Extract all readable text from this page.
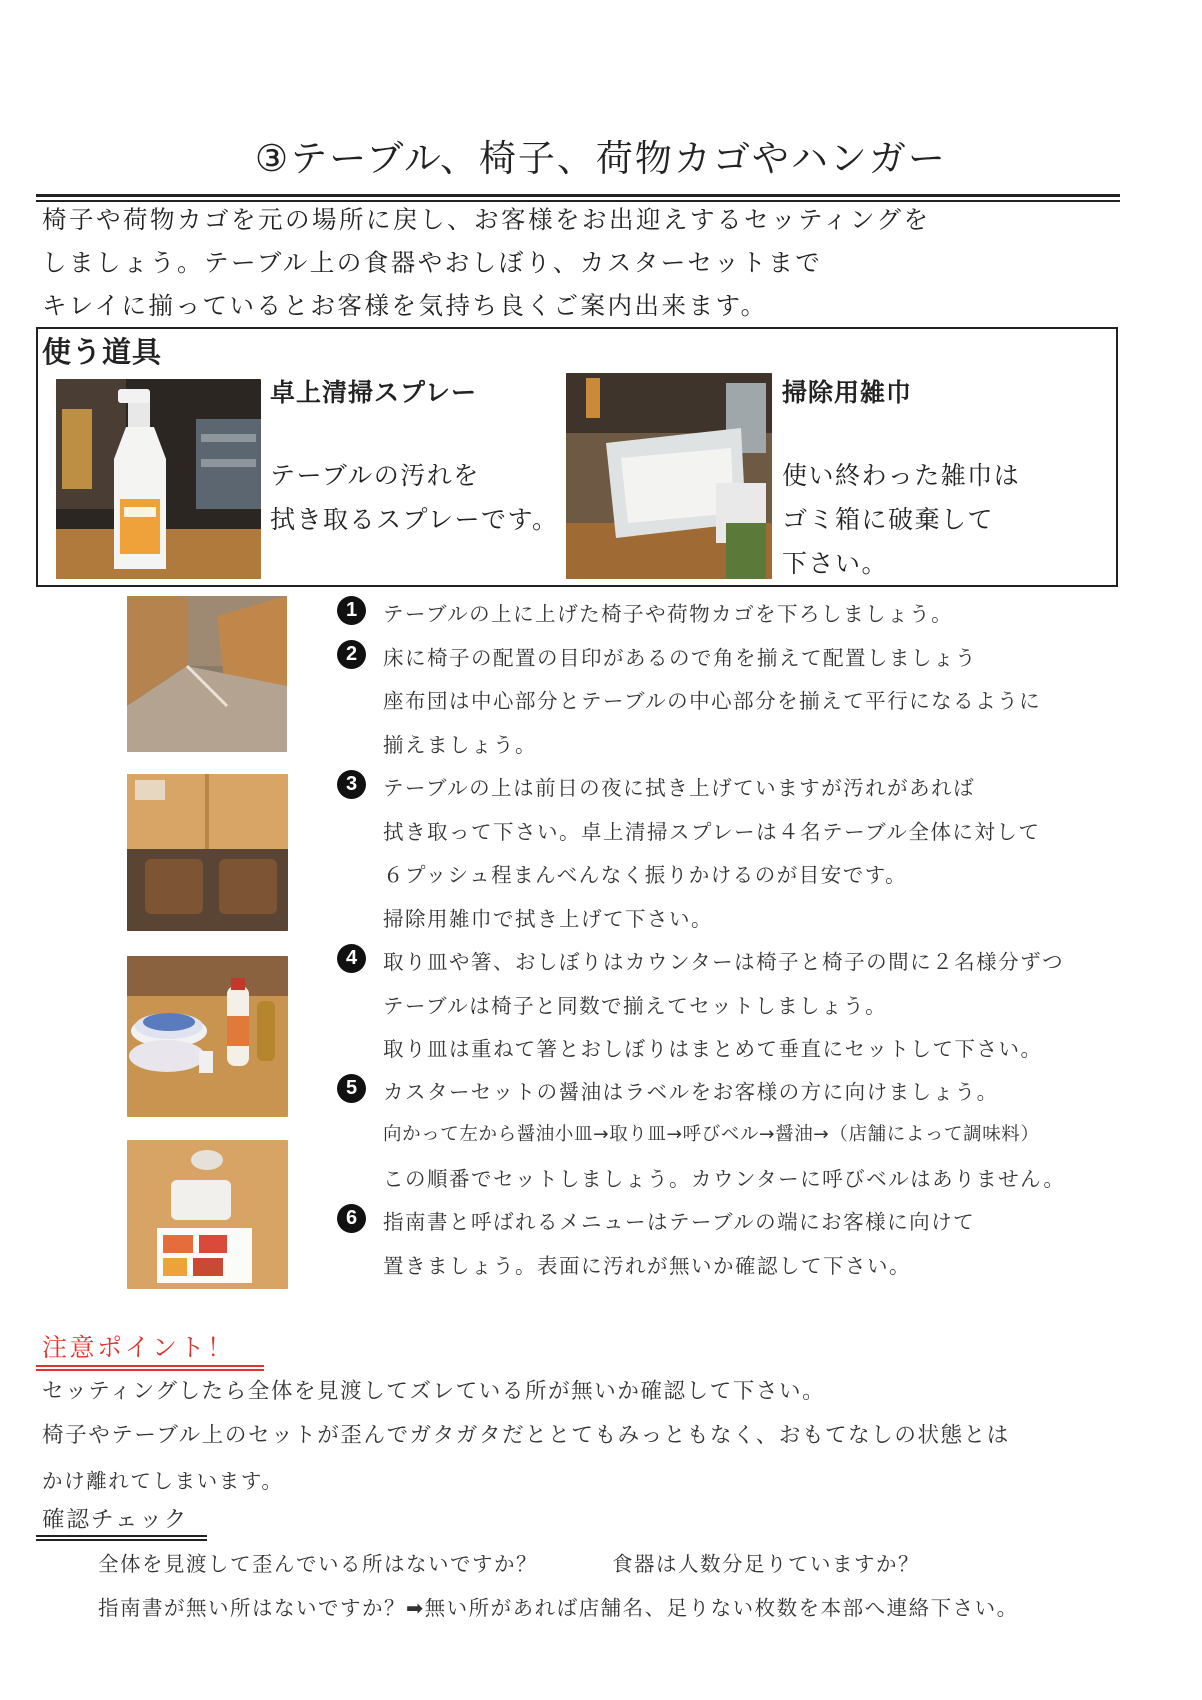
③テーブル、椅子、荷物カゴやハンガー
椅子や荷物カゴを元の場所に戻し、お客様をお出迎えするセッティングを
しましょう。テーブル上の食器やおしぼり、カスターセットまで
キレイに揃っているとお客様を気持ち良くご案内出来ます。
使う道具
卓上清掃スプレー
テーブルの汚れを
拭き取るスプレーです。
掃除用雑巾
使い終わった雑巾は
ゴミ箱に破棄して
下さい。
1
2
3
4
5
6
テーブルの上に上げた椅子や荷物カゴを下ろしましょう。
床に椅子の配置の目印があるので角を揃えて配置しましょう
座布団は中心部分とテーブルの中心部分を揃えて平行になるように
揃えましょう。
テーブルの上は前日の夜に拭き上げていますが汚れがあれば
拭き取って下さい。卓上清掃スプレーは４名テーブル全体に対して
６プッシュ程まんべんなく振りかけるのが目安です。
掃除用雑巾で拭き上げて下さい。
取り皿や箸、おしぼりはカウンターは椅子と椅子の間に２名様分ずつ
テーブルは椅子と同数で揃えてセットしましょう。
取り皿は重ねて箸とおしぼりはまとめて垂直にセットして下さい。
カスターセットの醤油はラベルをお客様の方に向けましょう。
向かって左から醤油小皿→取り皿→呼びベル→醤油→（店舗によって調味料）
この順番でセットしましょう。カウンターに呼びベルはありません。
指南書と呼ばれるメニューはテーブルの端にお客様に向けて
置きましょう。表面に汚れが無いか確認して下さい。
注意ポイント！
セッティングしたら全体を見渡してズレている所が無いか確認して下さい。
椅子やテーブル上のセットが歪んでガタガタだととてもみっともなく、おもてなしの状態とは
かけ離れてしまいます。
確認チェック
全体を見渡して歪んでいる所はないですか？	食器は人数分足りていますか？
指南書が無い所はないですか？➡無い所があれば店舗名、足りない枚数を本部へ連絡下さい。
